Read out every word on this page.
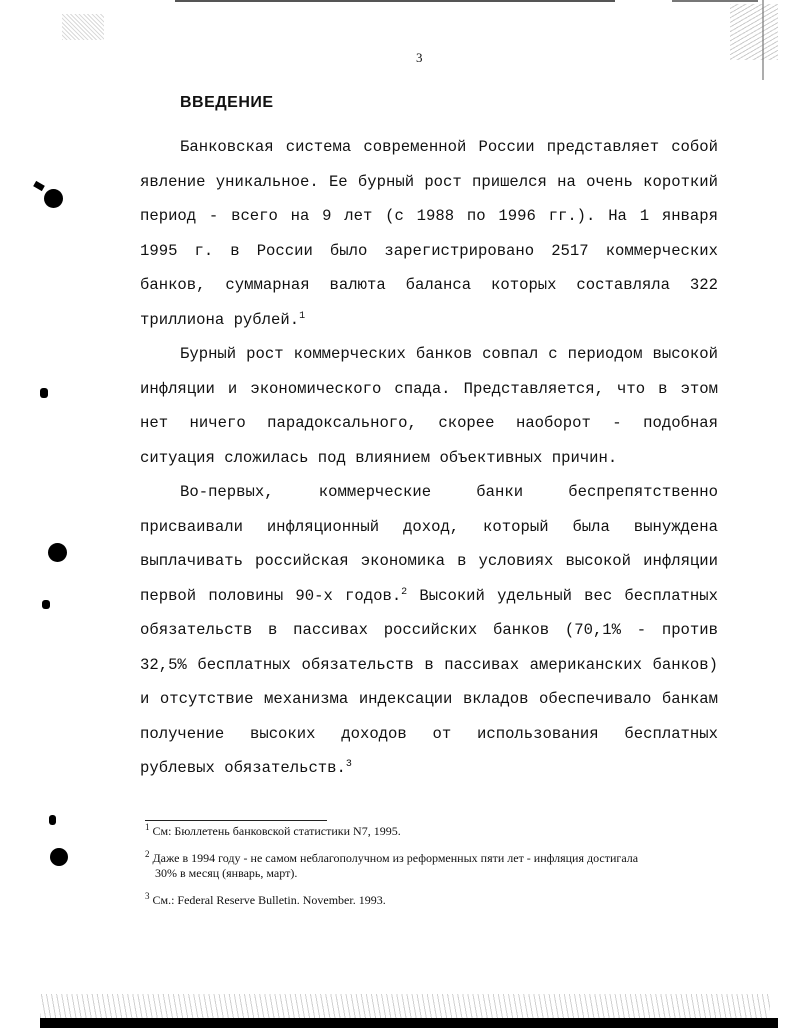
3
ВВЕДЕНИЕ

Банковская система современной России представляет собой явление уникальное. Ее бурный рост пришелся на очень короткий период - всего на 9 лет (с 1988 по 1996 гг.). На 1 января 1995 г. в России было зарегистрировано 2517 коммерческих банков, суммарная валюта баланса которых составляла 322 триллиона рублей.$^1$

Бурный рост коммерческих банков совпал с периодом высокой инфляции и экономического спада. Представляется, что в этом нет ничего парадоксального, скорее наоборот - подобная ситуация сложилась под влиянием объективных причин.

Во-первых, коммерческие банки беспрепятственно присваивали инфляционный доход, который была вынуждена выплачивать российская экономика в условиях высокой инфляции первой половины 90-х годов.$^2$ Высокий удельный вес бесплатных обязательств в пассивах российских банков (70,1% - против 32,5% бесплатных обязательств в пассивах американских банков) и отсутствие механизма индексации вкладов обеспечивало банкам получение высоких доходов от использования бесплатных рублевых обязательств.$^3$

$^1$ См: Бюллетень банковской статистики N7, 1995.

$^2$ Даже в 1994 году - не самом неблагополучном из реформенных пяти лет - инфляция достигала
30% в месяц (январь, март).

$^3$ См.: Federal Reserve Bulletin. November. 1993.
